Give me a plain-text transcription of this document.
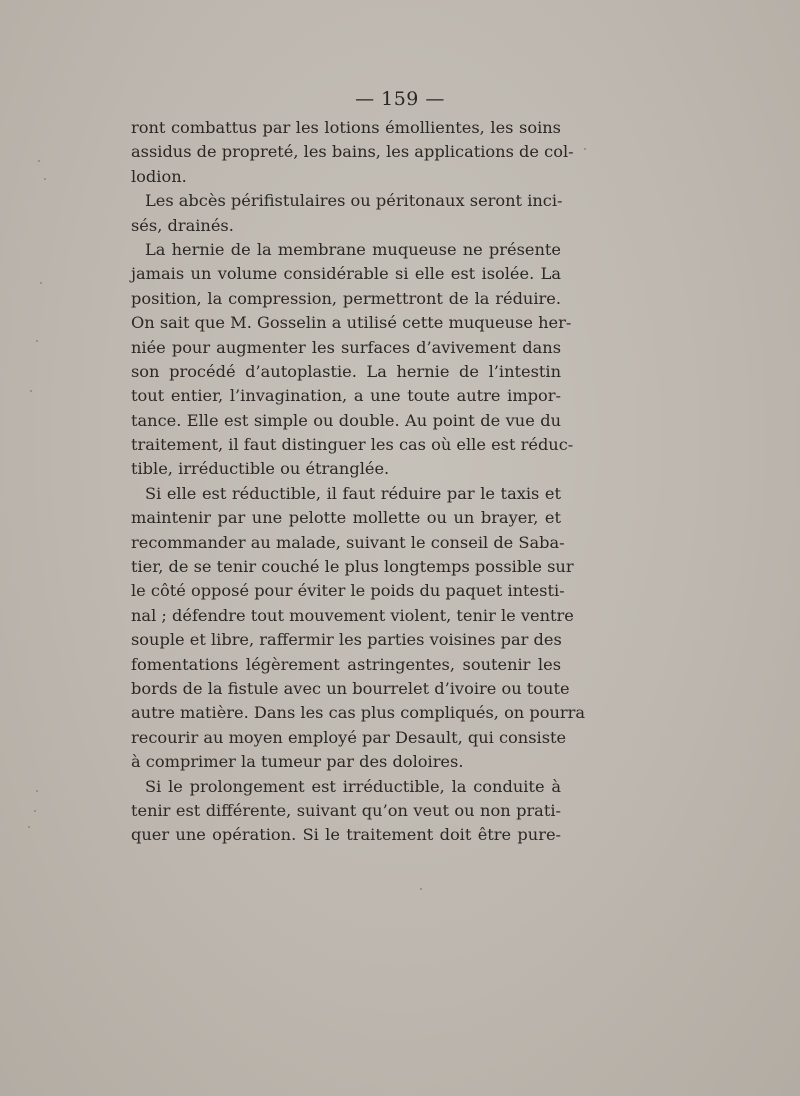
— 159 —
ront combattus par les lotions émollientes, les soins
assidus de propreté, les bains, les applications de col-
lodion.
Les abcès périfistulaires ou péritonaux seront inci-
sés, drainés.
La hernie de la membrane muqueuse ne présente
jamais un volume considérable si elle est isolée. La
position, la compression, permettront de la réduire.
On sait que M. Gosselin a utilisé cette muqueuse her-
niée pour augmenter les surfaces d’avivement dans
son procédé d’autoplastie. La hernie de l’intestin
tout entier, l’invagination, a une toute autre impor-
tance. Elle est simple ou double. Au point de vue du
traitement, il faut distinguer les cas où elle est réduc-
tible, irréductible ou étranglée.
Si elle est réductible, il faut réduire par le taxis et
maintenir par une pelotte mollette ou un brayer, et
recommander au malade, suivant le conseil de Saba-
tier, de se tenir couché le plus longtemps possible sur
le côté opposé pour éviter le poids du paquet intesti-
nal ; défendre tout mouvement violent, tenir le ventre
souple et libre, raffermir les parties voisines par des
fomentations légèrement astringentes, soutenir les
bords de la fistule avec un bourrelet d’ivoire ou toute
autre matière. Dans les cas plus compliqués, on pourra
recourir au moyen employé par Desault, qui consiste
à comprimer la tumeur par des doloires.
Si le prolongement est irréductible, la conduite à
tenir est différente, suivant qu’on veut ou non prati-
quer une opération. Si le traitement doit être pure-
